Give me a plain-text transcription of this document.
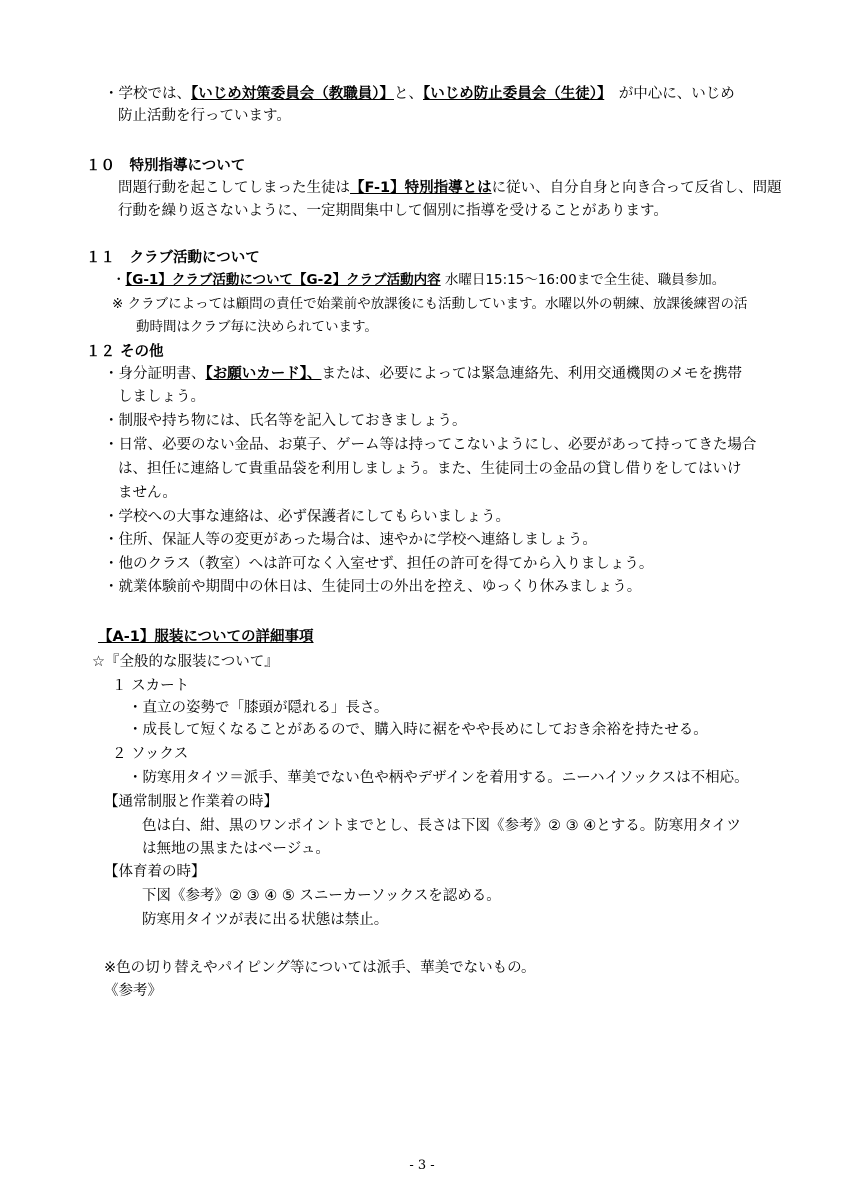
・学校では、【いじめ対策委員会（教職員）】と、【いじめ防止委員会（生徒）】　が中心に、いじめ
防止活動を行っています。
１０　特別指導について
問題行動を起こしてしまった生徒は【F-1】特別指導とはに従い、自分自身と向き合って反省し、問題
行動を繰り返さないように、一定期間集中して個別に指導を受けることがあります。
１１　クラブ活動について
・【G-1】クラブ活動について【G-2】クラブ活動内容 水曜日15:15～16:00まで全生徒、職員参加。
※ クラブによっては顧問の責任で始業前や放課後にも活動しています。水曜以外の朝練、放課後練習の活
動時間はクラブ毎に決められています。
１２ その他
・身分証明書、【お願いカード】、または、必要によっては緊急連絡先、利用交通機関のメモを携帯
しましょう。
・制服や持ち物には、氏名等を記入しておきましょう。
・日常、必要のない金品、お菓子、ゲーム等は持ってこないようにし、必要があって持ってきた場合
は、担任に連絡して貴重品袋を利用しましょう。また、生徒同士の金品の貸し借りをしてはいけ
ません。
・学校への大事な連絡は、必ず保護者にしてもらいましょう。
・住所、保証人等の変更があった場合は、速やかに学校へ連絡しましょう。
・他のクラス（教室）へは許可なく入室せず、担任の許可を得てから入りましょう。
・就業体験前や期間中の休日は、生徒同士の外出を控え、ゆっくり休みましょう。
【A-1】服装についての詳細事項
☆『全般的な服装について』
１ スカート
・直立の姿勢で「膝頭が隠れる」長さ。
・成長して短くなることがあるので、購入時に裾をやや長めにしておき余裕を持たせる。
２ ソックス
・防寒用タイツ＝派手、華美でない色や柄やデザインを着用する。ニーハイソックスは不相応。
【通常制服と作業着の時】
色は白、紺、黒のワンポイントまでとし、長さは下図《参考》② ③ ④とする。防寒用タイツ
は無地の黒またはベージュ。
【体育着の時】
下図《参考》② ③ ④ ⑤ スニーカーソックスを認める。
防寒用タイツが表に出る状態は禁止。
※色の切り替えやパイピング等については派手、華美でないもの。
《参考》
- 3 -
